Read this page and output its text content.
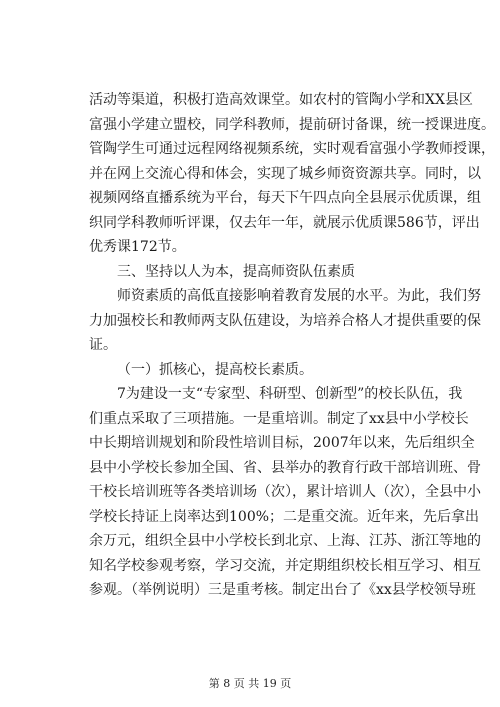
活动等渠道，积极打造高效课堂。如农村的管陶小学和XX县区
富强小学建立盟校，同学科教师，提前研讨备课，统一授课进度。
管陶学生可通过远程网络视频系统，实时观看富强小学教师授课，
并在网上交流心得和体会，实现了城乡师资资源共享。同时，以
视频网络直播系统为平台，每天下午四点向全县展示优质课，组
织同学科教师听评课，仅去年一年，就展示优质课586节，评出
优秀课172节。
三、坚持以人为本，提高师资队伍素质
师资素质的高低直接影响着教育发展的水平。为此，我们努
力加强校长和教师两支队伍建设，为培养合格人才提供重要的保
证。
（一）抓核心，提高校长素质。
7为建设一支“专家型、科研型、创新型”的校长队伍，我
们重点采取了三项措施。一是重培训。制定了xx县中小学校长
中长期培训规划和阶段性培训目标，2007年以来，先后组织全
县中小学校长参加全国、省、县举办的教育行政干部培训班、骨
干校长培训班等各类培训场（次），累计培训人（次），全县中小
学校长持证上岗率达到100%；二是重交流。近年来，先后拿出
余万元，组织全县中小学校长到北京、上海、江苏、浙江等地的
知名学校参观考察，学习交流，并定期组织校长相互学习、相互
参观。（举例说明）三是重考核。制定出台了《xx县学校领导班
第 8 页 共 19 页
